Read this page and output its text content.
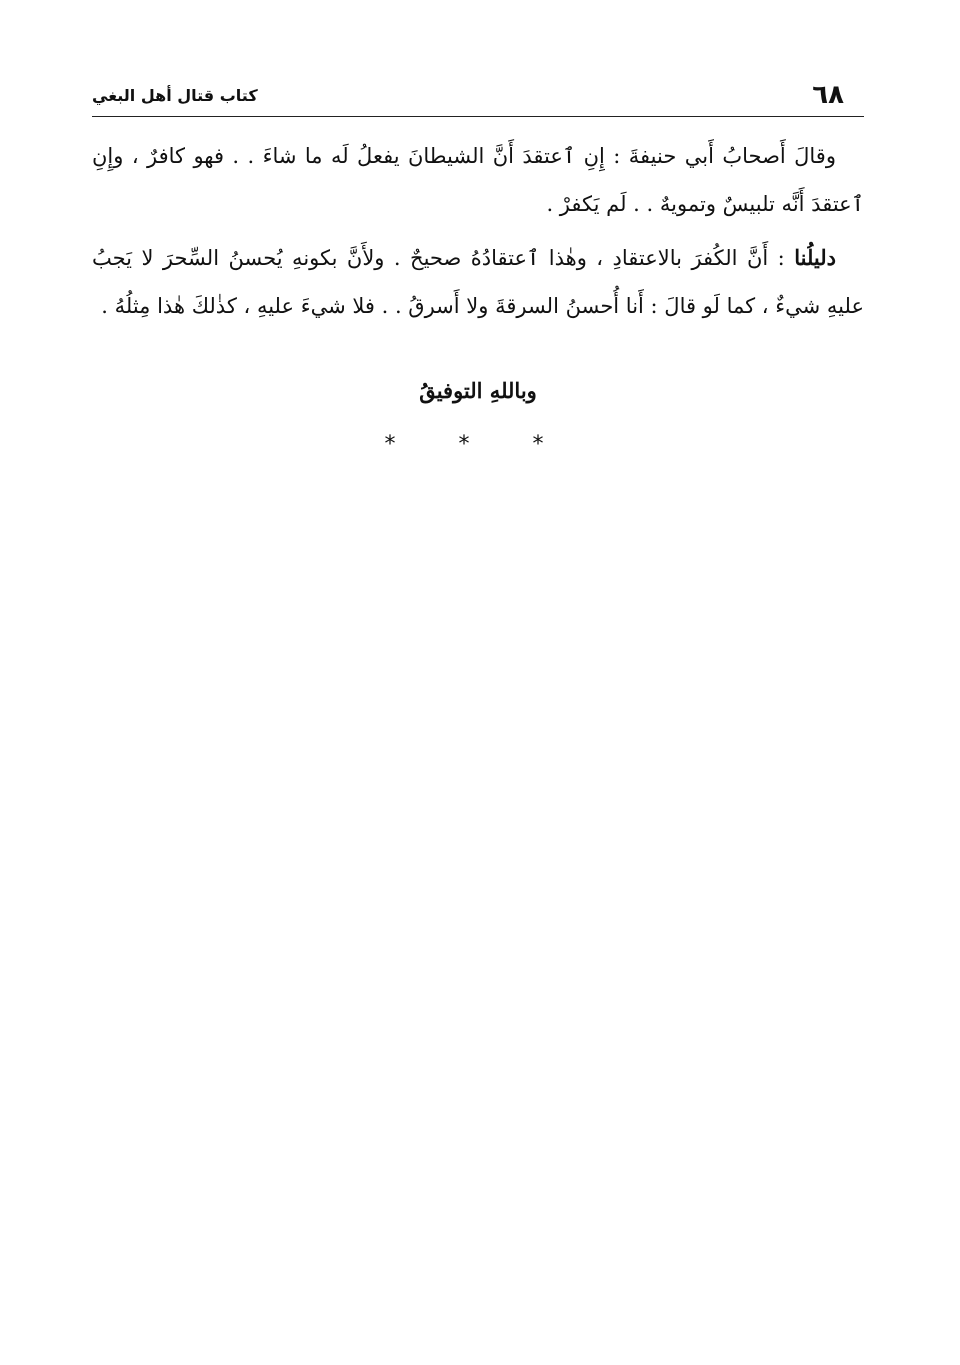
٦٨
كتاب قتال أهل البغي

وقالَ أَصحابُ أَبي حنيفةَ : إِنِ ٱعتقدَ أَنَّ الشيطانَ يفعلُ لَه ما شاءَ . . فهو كافرٌ ، وإِنِ ٱعتقدَ أَنَّه تلبيسٌ وتمويهٌ . . لَم يَكفرْ .

دليلُنا : أَنَّ الكُفرَ بالاعتقادِ ، وهٰذا ٱعتقادُهُ صحيحٌ . ولأَنَّ بكونهِ يُحسنُ السِّحرَ لا يَجبُ عليهِ شيءٌ ، كما لَو قالَ : أَنا أُحسنُ السرقةَ ولا أَسرقُ . . فلا شيءَ عليهِ ، كذٰلكَ هٰذا مِثلُهُ .

وباللهِ التوفيقُ
* * *
